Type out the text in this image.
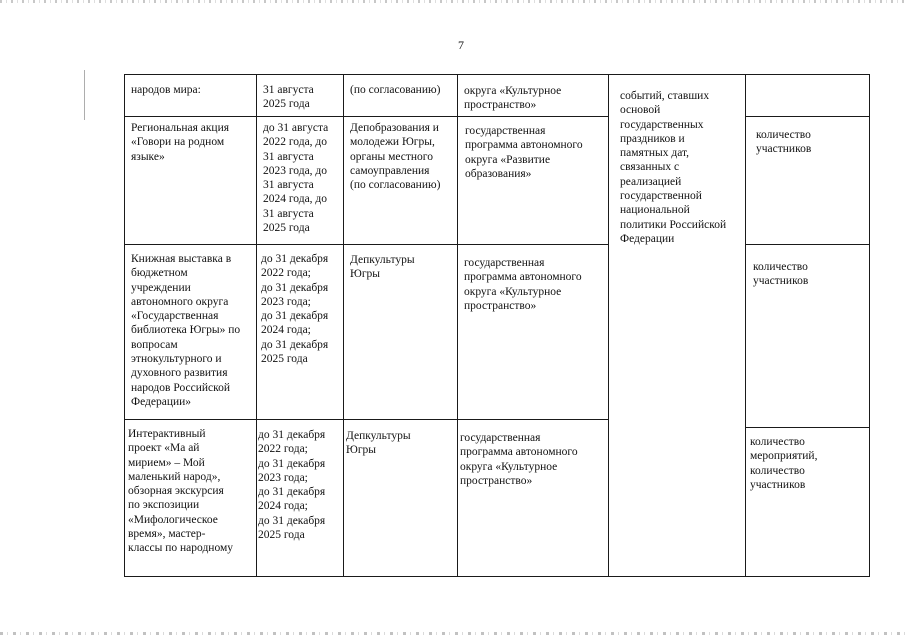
7
народов мира:	31 августа
2025 года
(по согласованию)	округа «Культурное
пространство»
событий, ставших
основой
государственных
праздников и
памятных дат,
связанных с
реализацией
государственной
национальной
политики Российской
Федерации
Региональная акция
«Говори на родном
языке»
до 31 августа
2022 года, до
31 августа
2023 года, до
31 августа
2024 года, до
31 августа
2025 года
Депобразования и
молодежи Югры,
органы местного
самоуправления
(по согласованию)
государственная
программа автономного
округа «Развитие
образования»
количество
участников
Книжная выставка в
бюджетном
учреждении
автономного округа
«Государственная
библиотека Югры» по
вопросам
этнокультурного и
духовного развития
народов Российской
Федерации»
до 31 декабря
2022 года;
до 31 декабря
2023 года;
до 31 декабря
2024 года;
до 31 декабря
2025 года
Депкультуры
Югры
государственная
программа автономного
округа «Культурное
пространство»
количество
участников
Интерактивный
проект «Ма ай
мирием» – Мой
маленький народ»,
обзорная экскурсия
по экспозиции
«Мифологическое
время», мастер-
классы по народному
до 31 декабря
2022 года;
до 31 декабря
2023 года;
до 31 декабря
2024 года;
до 31 декабря
2025 года
Депкультуры
Югры
государственная
программа автономного
округа «Культурное
пространство»
количество
мероприятий,
количество
участников
